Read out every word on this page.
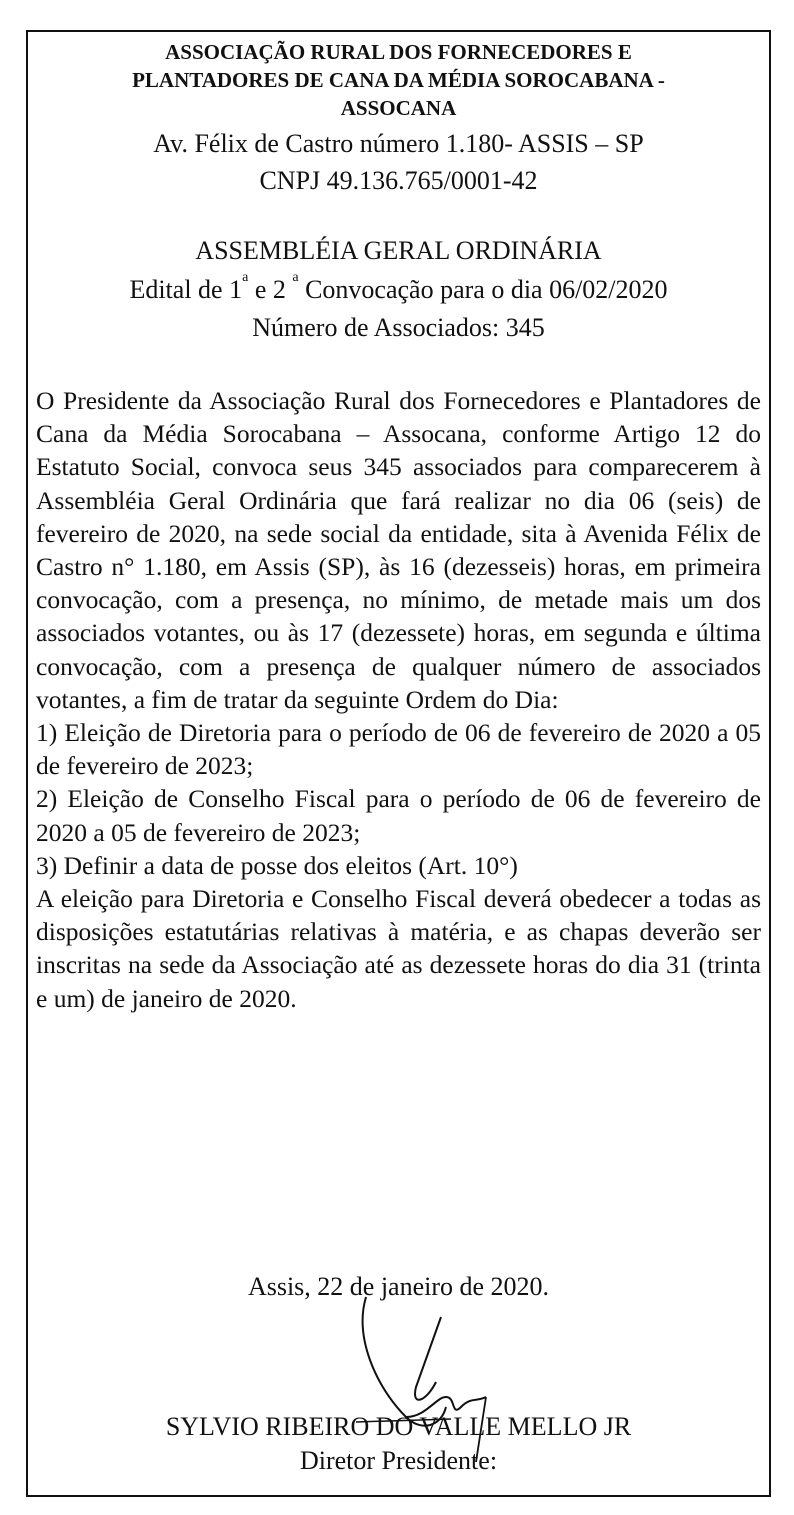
ASSOCIAÇÃO RURAL DOS FORNECEDORES E
PLANTADORES DE CANA DA MÉDIA SOROCABANA -
ASSOCANA
Av. Félix de Castro número 1.180- ASSIS – SP
CNPJ 49.136.765/0001-42
ASSEMBLÉIA GERAL ORDINÁRIA
Edital de 1$^a$ e 2 $^a$ Convocação para o dia 06/02/2020
Número de Associados: 345

O Presidente da Associação Rural dos Fornecedores e Plantadores de Cana da Média Sorocabana – Assocana, conforme Artigo 12 do Estatuto Social, convoca seus 345 associados para comparecerem à Assembléia Geral Ordinária que fará realizar no dia 06 (seis) de fevereiro de 2020, na sede social da entidade, sita à Avenida Félix de Castro n° 1.180, em Assis (SP), às 16 (dezesseis) horas, em primeira convocação, com a presença, no mínimo, de metade mais um dos associados votantes, ou às 17 (dezessete) horas, em segunda e última convocação, com a presença de qualquer número de associados votantes, a fim de tratar da seguinte Ordem do Dia:

1) Eleição de Diretoria para o período de 06 de fevereiro de 2020 a 05 de fevereiro de 2023;

2) Eleição de Conselho Fiscal para o período de 06 de fevereiro de 2020 a 05 de fevereiro de 2023;

3) Definir a data de posse dos eleitos (Art. 10°)

A eleição para Diretoria e Conselho Fiscal deverá obedecer a todas as disposições estatutárias relativas à matéria, e as chapas deverão ser inscritas na sede da Associação até as dezessete horas do dia 31 (trinta e um) de janeiro de 2020.

Assis, 22 de janeiro de 2020.
SYLVIO RIBEIRO DO VALLE MELLO JR
Diretor Presidente:
